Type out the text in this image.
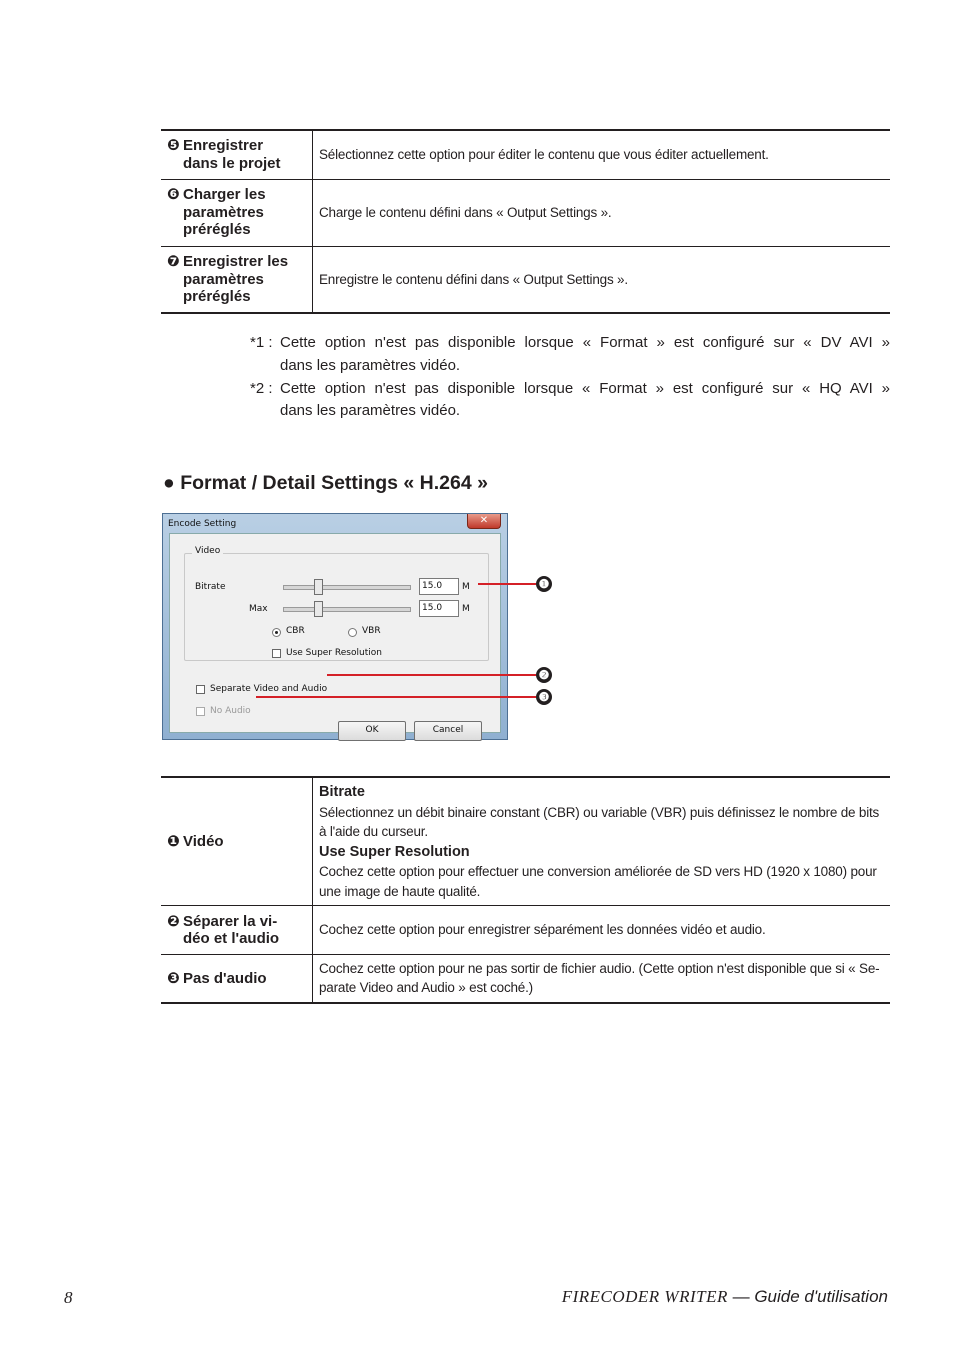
❺ Enregistrer dans le projet	Sélectionnez cette option pour éditer le contenu que vous éditer actuellement.
❻ Charger les paramètres préréglés	Charge le contenu défini dans « Output Settings ».
❼ Enregistrer les paramètres préréglés	Enregistre le contenu défini dans « Output Settings ».
*1 : Cette option n'est pas disponible lorsque « Format » est configuré sur « DV AVI »
dans les paramètres vidéo.
*2 : Cette option n'est pas disponible lorsque « Format » est configuré sur « HQ AVI »
dans les paramètres vidéo.
● Format / Detail Settings « H.264 »
Encode Setting	✕
Video
Bitrate	15.0	M
Max	15.0	M
CBR	VBR
Use Super Resolution
Separate Video and Audio
No Audio
OK	Cancel
❶
❷
❸
❶ Vidéo	Bitrate
Sélectionnez un débit binaire constant (CBR) ou variable (VBR) puis définissez le nombre de bits à l'aide du curseur.
Use Super Resolution
Cochez cette option pour effectuer une conversion améliorée de SD vers HD (1920 x 1080) pour une image de haute qualité.
❷ Séparer la vi-déo et l'audio	Cochez cette option pour enregistrer séparément les données vidéo et audio.
❸ Pas d'audio	Cochez cette option pour ne pas sortir de fichier audio. (Cette option n'est disponible que si « Se-parate Video and Audio » est coché.)
8	FIRECODER WRITER — Guide d'utilisation
